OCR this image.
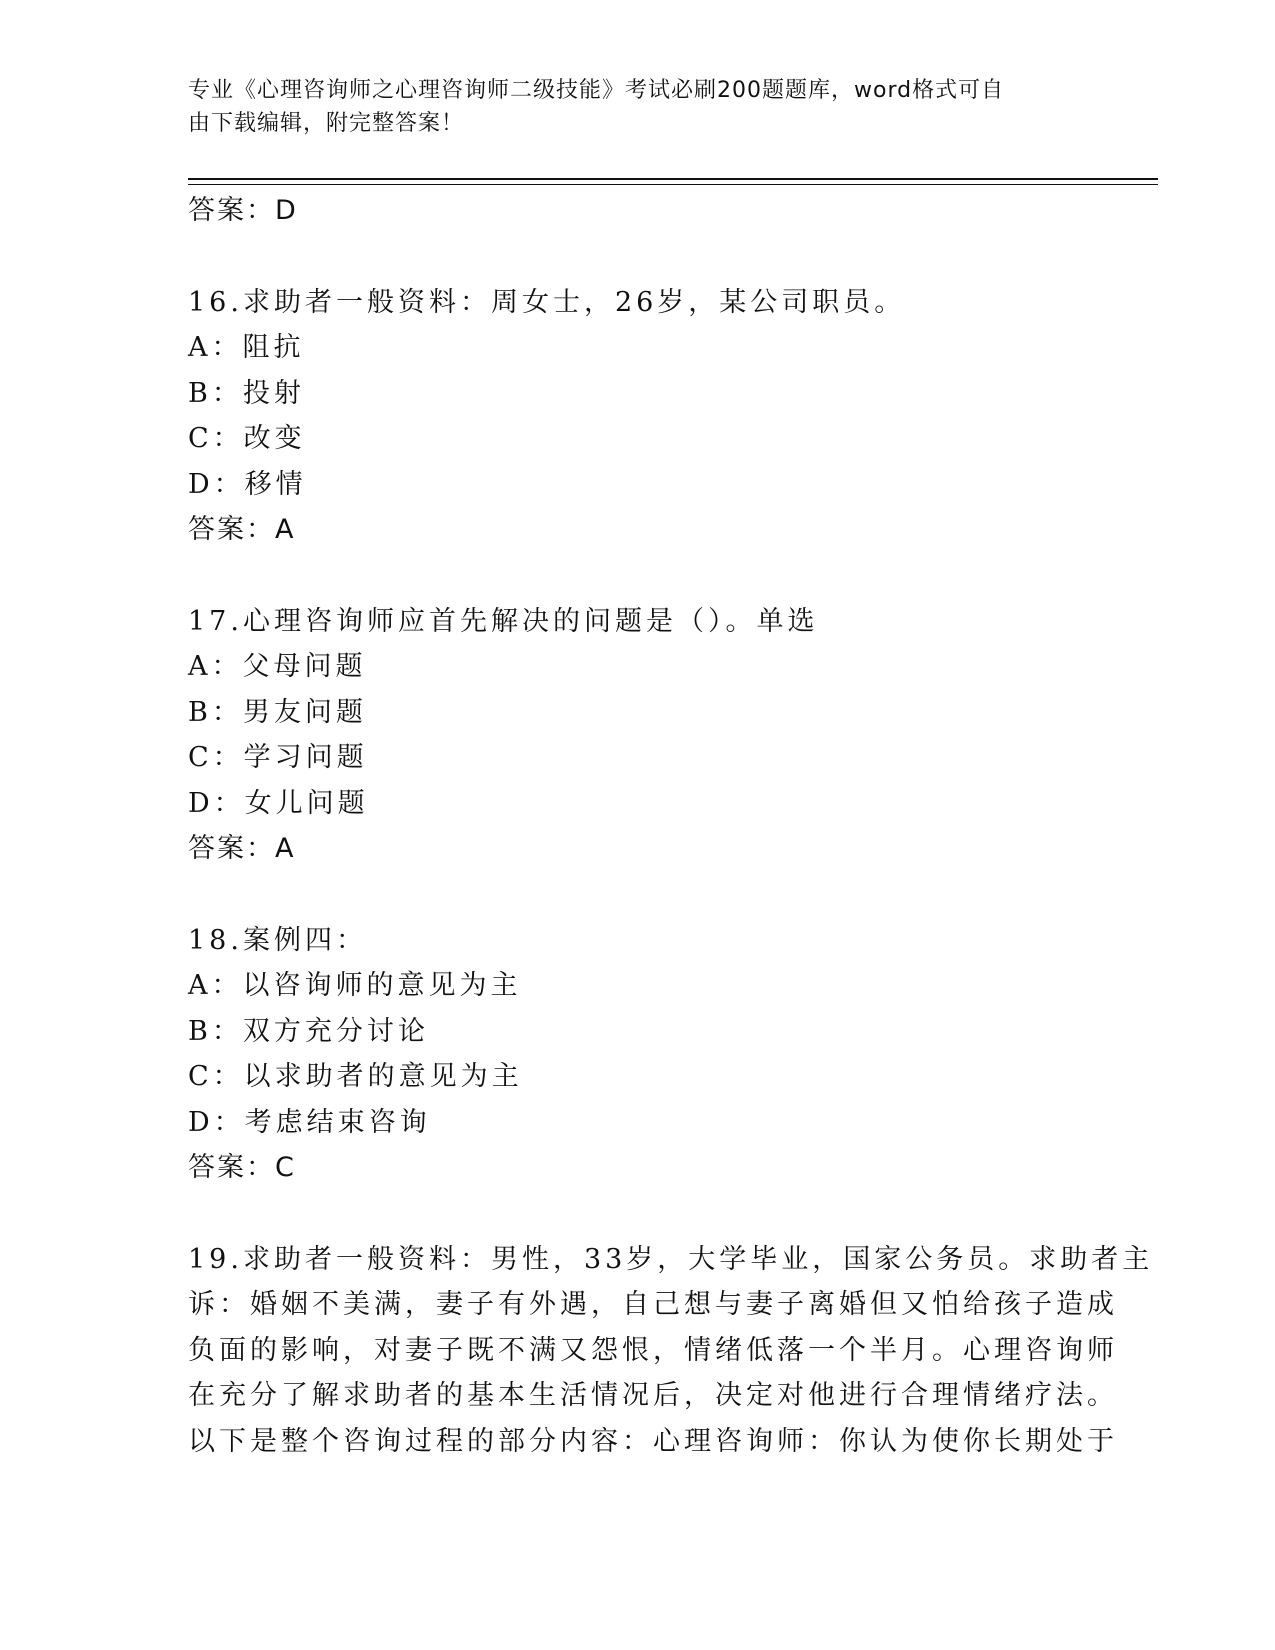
专业《心理咨询师之心理咨询师二级技能》考试必刷200题题库，word格式可自
由下载编辑，附完整答案！
答案：D
16.求助者一般资料：周女士，26岁，某公司职员。
A：阻抗
B：投射
C：改变
D：移情
答案：A
17.心理咨询师应首先解决的问题是（）。单选
A：父母问题
B：男友问题
C：学习问题
D：女儿问题
答案：A
18.案例四：
A：以咨询师的意见为主
B：双方充分讨论
C：以求助者的意见为主
D：考虑结束咨询
答案：C
19.求助者一般资料：男性，33岁，大学毕业，国家公务员。求助者主
诉：婚姻不美满，妻子有外遇，自己想与妻子离婚但又怕给孩子造成
负面的影响，对妻子既不满又怨恨，情绪低落一个半月。心理咨询师
在充分了解求助者的基本生活情况后，决定对他进行合理情绪疗法。
以下是整个咨询过程的部分内容：心理咨询师：你认为使你长期处于
